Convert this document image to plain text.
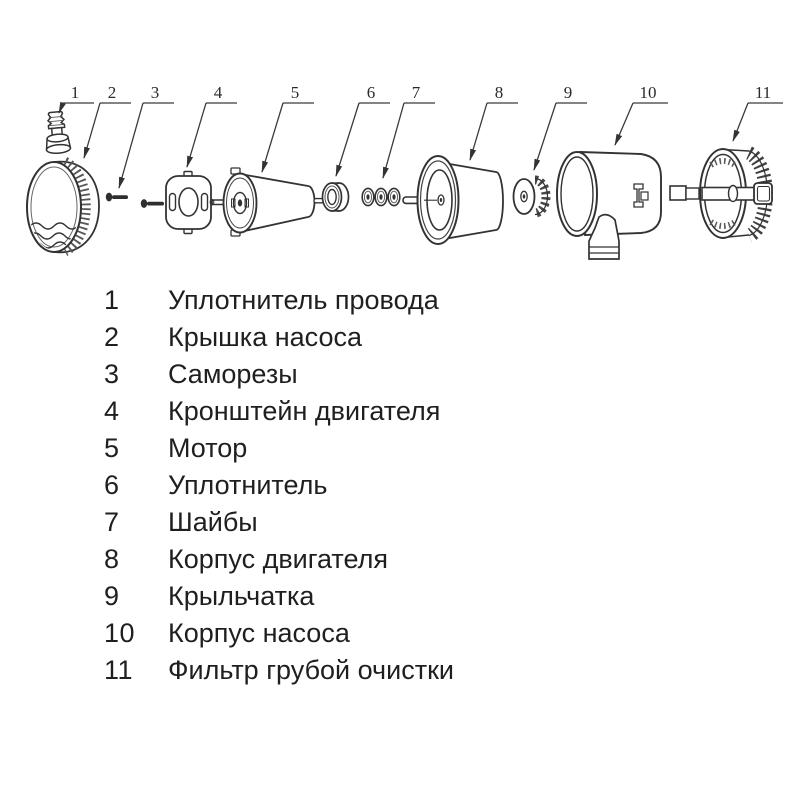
1 2 3	4	5	6 7	8	9	10	11
1	Уплотнитель провода
2	Крышка насоса
3	Саморезы
4	Кронштейн двигателя
5	Мотор
6	Уплотнитель
7	Шайбы
8	Корпус двигателя
9	Крыльчатка
10	Корпус насоса
11	Фильтр грубой очистки
